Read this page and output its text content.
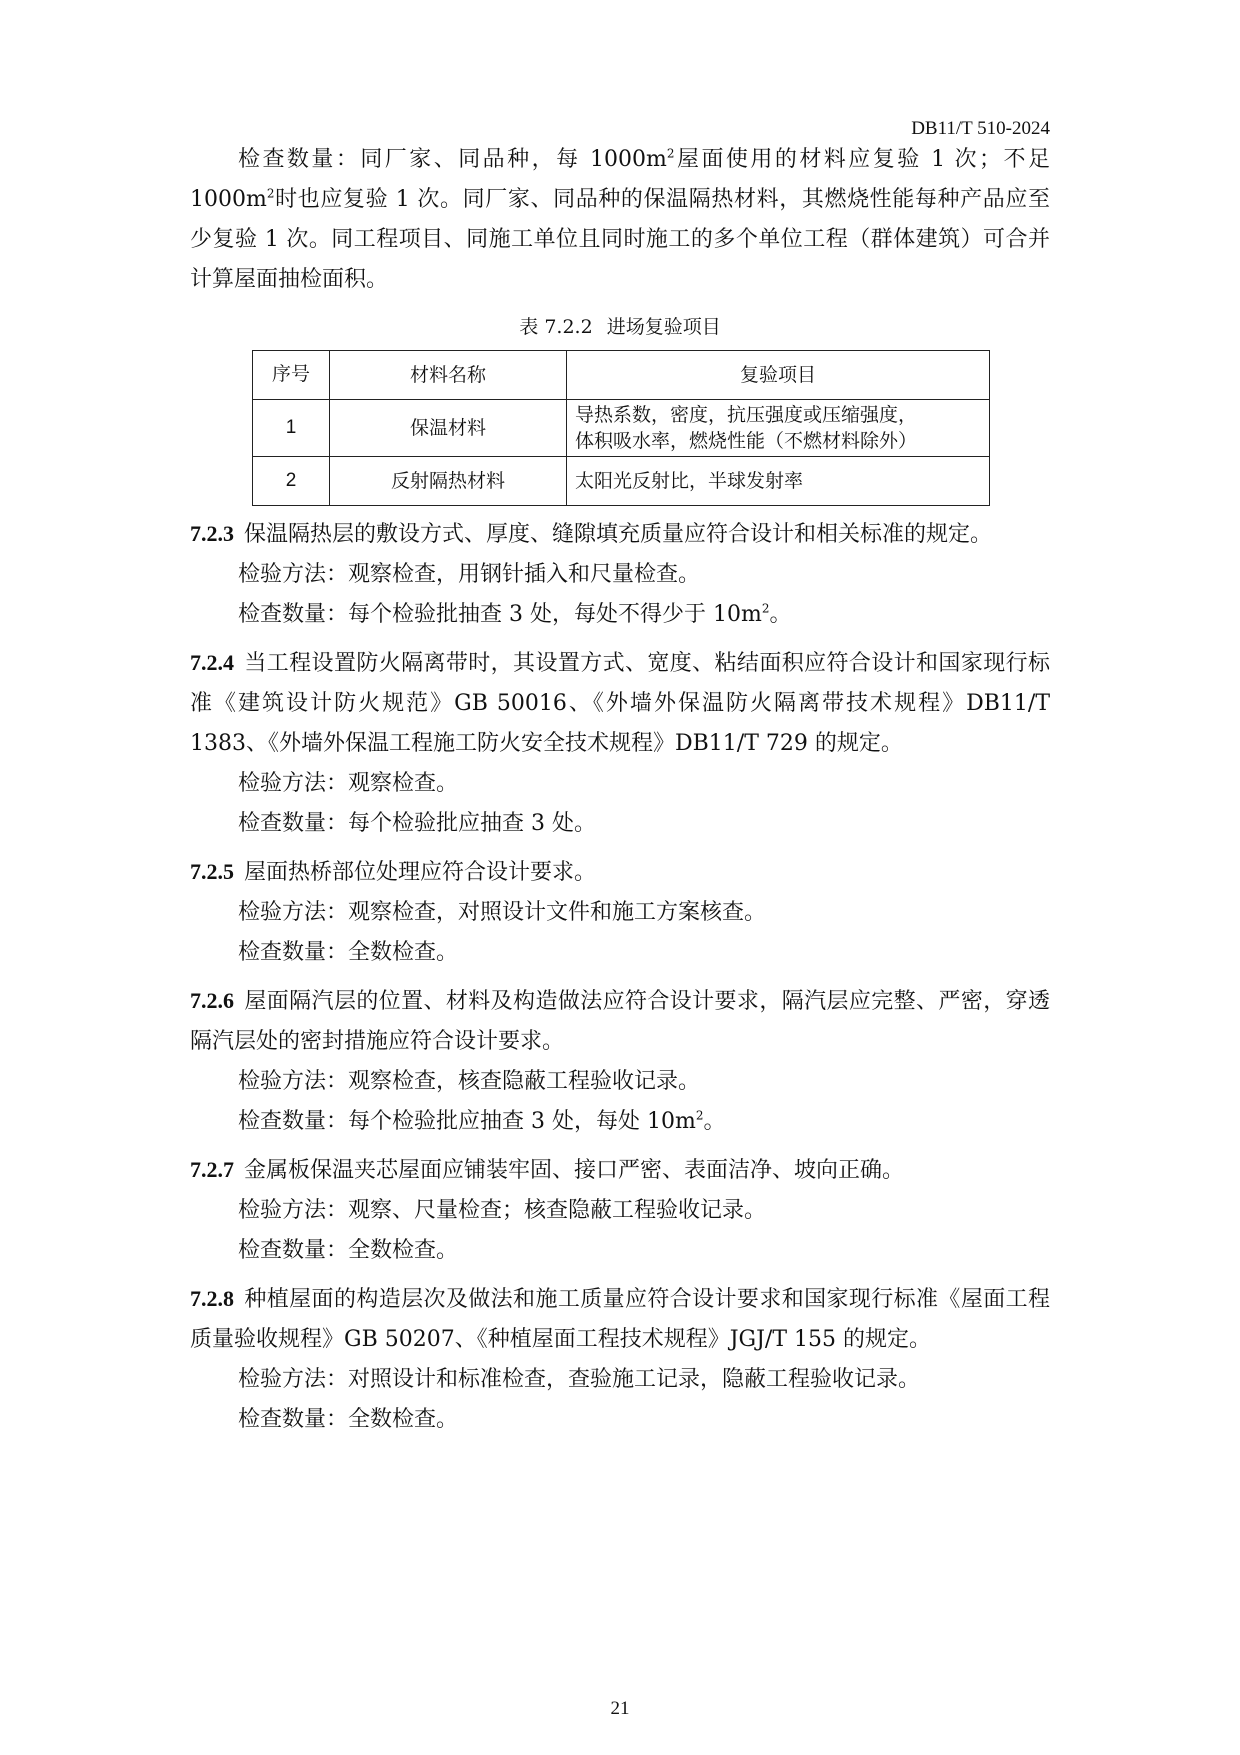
DB11/T 510-2024

检查数量：同厂家、同品种，每 $1000m^2$屋面使用的材料应复验 1 次；不足 $1000m^2$时也应复验 1 次。同厂家、同品种的保温隔热材料，其燃烧性能每种产品应至少复验 1 次。同工程项目、同施工单位且同时施工的多个单位工程（群体建筑）可合并计算屋面抽检面积。

表 7.2.2 进场复验项目
序号	材料名称	复验项目
1	保温材料	导热系数，密度，抗压强度或压缩强度，
体积吸水率，燃烧性能（不燃材料除外）

2	反射隔热材料	太阳光反射比，半球发射率

7.2.3 保温隔热层的敷设方式、厚度、缝隙填充质量应符合设计和相关标准的规定。

检验方法：观察检查，用钢针插入和尺量检查。

检查数量：每个检验批抽查 3 处，每处不得少于 $10m^2$。

7.2.4 当工程设置防火隔离带时，其设置方式、宽度、粘结面积应符合设计和国家现行标准《建筑设计防火规范》GB 50016、《外墙外保温防火隔离带技术规程》DB11/T 1383、《外墙外保温工程施工防火安全技术规程》DB11/T 729 的规定。

检验方法：观察检查。

检查数量：每个检验批应抽查 3 处。

7.2.5 屋面热桥部位处理应符合设计要求。

检验方法：观察检查，对照设计文件和施工方案核查。

检查数量：全数检查。

7.2.6 屋面隔汽层的位置、材料及构造做法应符合设计要求，隔汽层应完整、严密，穿透隔汽层处的密封措施应符合设计要求。

检验方法：观察检查，核查隐蔽工程验收记录。

检查数量：每个检验批应抽查 3 处，每处 $10m^2$。

7.2.7 金属板保温夹芯屋面应铺装牢固、接口严密、表面洁净、坡向正确。

检验方法：观察、尺量检查；核查隐蔽工程验收记录。

检查数量：全数检查。

7.2.8 种植屋面的构造层次及做法和施工质量应符合设计要求和国家现行标准《屋面工程质量验收规程》GB 50207、《种植屋面工程技术规程》JGJ/T 155 的规定。

检验方法：对照设计和标准检查，查验施工记录，隐蔽工程验收记录。

检查数量：全数检查。

21
